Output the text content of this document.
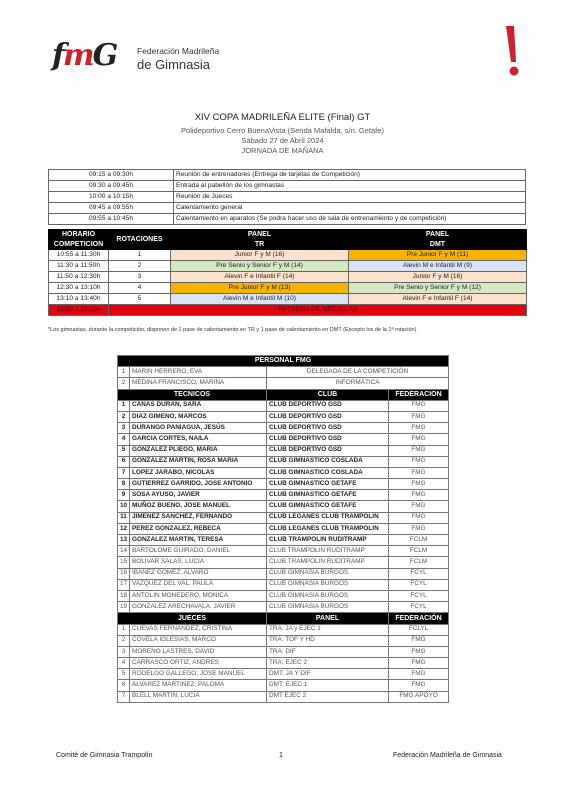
fmG Federación Madrileña
de Gimnasia
XIV COPA MADRILEÑA ELITE (Final) GT
Polideportivo Cerro BuenaVista (Senda Mafalda, s/n. Getafe)
Sábado 27 de Abril 2024
JORNADA DE MAÑANA
09:15 a 09:30h	Reunión de entrenadores (Entrega de tarjetas de Competición)
09:30 a 09:45h	Entrada al pabellón de los gimnastas
10:00 a 10:15h	Reunión de Jueces
09:45 a 09:55h	Calentamiento general
09:55 a 10:45h	Calentamiento en aparatos (Se podra hacer uso de sala de entrenamiento y de competición)
HORARIO	ROTACIONES	PANEL	PANEL
COMPETICION		TR	DMT
10:55 a 11:30h	1	Junior F y M (16)	Pre Junior F y M (11)
11:30 a 11:50h	2	Pre Senio y Senior F y M (14)	Alevin M e Infantil M (9)
11:50 a 12:30h	3	Alevin F e Infantil F (14)	Junior F y M (16)
12:30 a 13:10h	4	Pre Junior F y M (13)	Pre Senio y Senior F y M (12)
13:10 a 13:40h	5	Alevin M e Infantil M (10)	Alevin F e Infantil F (14)
13:50 a 14:10h	ENTREGA DE MEDALLAS		
*Los gimnastas, durante la competición, disponen de 1 pase de calentamiento en TR y 1 pase de calentamiento en DMT (Excepto los de la 1ª rotación)
PERSONAL FMG			
1	MARIN HERRERO, EVA	DELEGADA DE LA COMPETICIÓN	
2	MEDINA FRANCISCO, MARINA	INFORMÁTICA	
TECNICOS		CLUB	FEDERACIÓN
1	CAÑAS DURAN, SARA	CLUB DEPORTIVO GSD	FMG
2	DIAZ GIMENO, MARCOS	CLUB DEPORTIVO GSD	FMG
3	DURANGO PANIAGUA, JESÚS	CLUB DEPORTIVO GSD	FMG
4	GARCIA CORTES, NAILA	CLUB DEPORTIVO GSD	FMG
5	GONZALEZ PLIEGO, MARIA	CLUB DEPORTIVO GSD	FMG
6	GONZALEZ MARTIN, ROSA MARIA	CLUB GIMNASTICO COSLADA	FMG
7	LOPEZ JARABO, NICOLAS	CLUB GIMNASTICO COSLADA	FMG
8	GUTIERREZ GARRIDO, JOSE ANTONIO	CLUB GIMNASTICO GETAFE	FMG
9	SOSA AYUSO, JAVIER	CLUB GIMNASTICO GETAFE	FMG
10	MUÑOZ BUENO, JOSE MANUEL	CLUB GIMNASTICO GETAFE	FMG
11	JIMENEZ SANCHEZ, FERNANDO	CLUB LEGANES CLUB TRAMPOLIN	FMG
12	PEREZ GONZALEZ, REBECA	CLUB LEGANES CLUB TRAMPOLIN	FMG
13	GONZALEZ MARTIN, TERESA	CLUB TRAMPOLIN RUDITRAMP	FCLM
14	BARTOLOME GUIRADO, DANIEL	CLUB TRAMPOLIN RUDITRAMP	FCLM
15	BOLIVAR SALAS, LUCIA	CLUB TRAMPOLIN RUDITRAMP	FCLM
16	IBAÑEZ GOMEZ, ALVARO	CLUB GIMNASIA BURGOS	FCYL
17	VAZQUEZ DEL VAL, PAULA	CLUB GIMNASIA BURGOS	FCYL
18	ANTOLIN MONEDERO, MONICA	CLUB GIMNASIA BURGOS	FCYL
19	GONZALEZ ARECHAVALA, JAVIER	CLUB GIMNASIA BURGOS	FCYL
JUECES		PANEL	FEDERACIÓN
1	CUEVAS FERNANDEZ, CRISTINA	TRA: JA y EJEC 1	FCLYL
2	COVELA IGLESIAS, MARCO	TRA: TOF Y HD	FMG
3	MORENO LASTRES, DAVID	TRA: DIF	FMG
4	CARRASCO ORTIZ, ANDRES	TRA: EJEC 2	FMG
5	RODELGO GALLEGO, JOSE MANUEL	DMT: JA Y DIF	FMG
6	ALVAREZ MARTINEZ, PALOMA	DMT: EJEC 1	FMG
7	BLELL MARTIN, LUCIA	DMT EJEC 2	FMG APOYO
Comité de Gimnasia Trampolín	1	Federación Madrileña de Gimnasia
